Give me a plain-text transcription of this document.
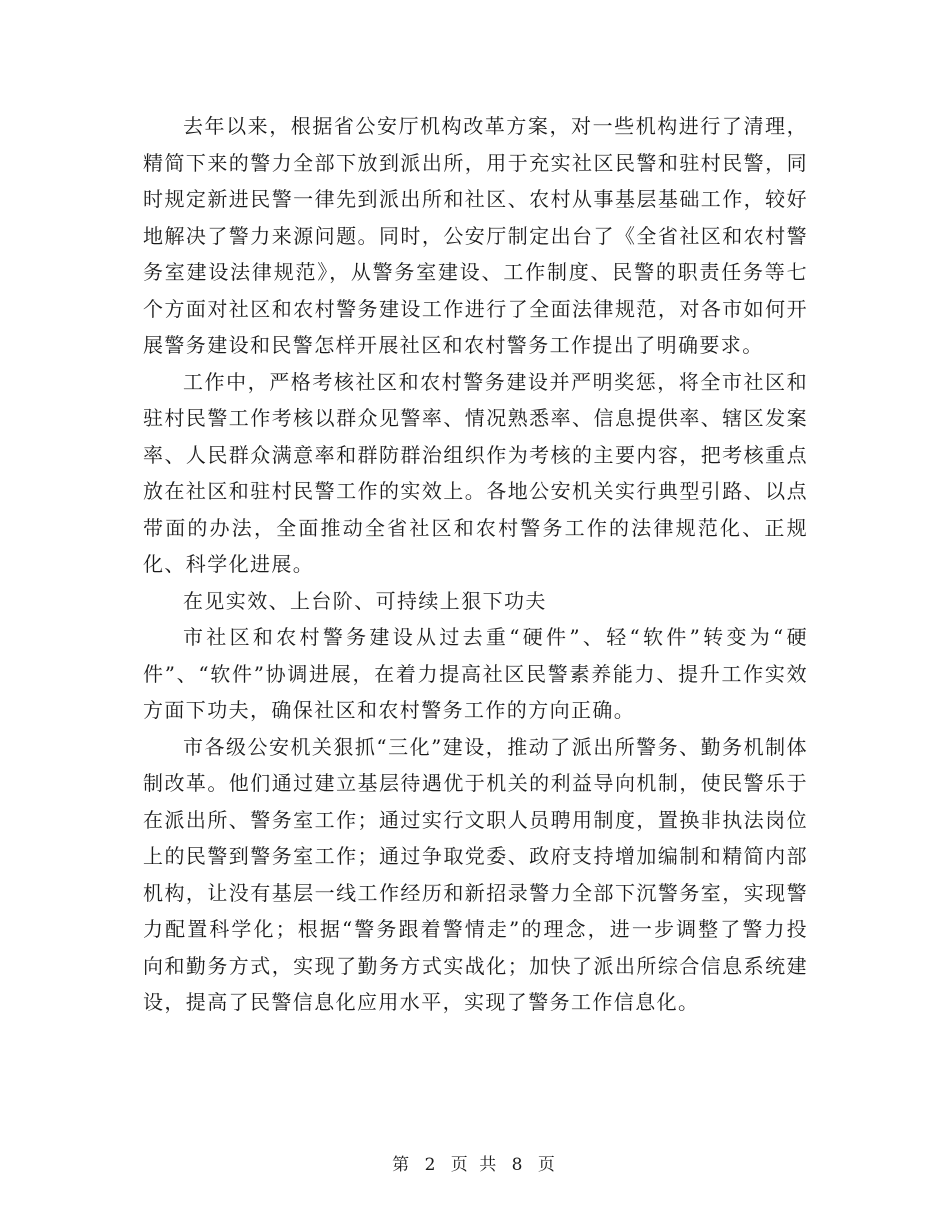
去年以来，根据省公安厅机构改革方案，对一些机构进行了清理，精简下来的警力全部下放到派出所，用于充实社区民警和驻村民警，同时规定新进民警一律先到派出所和社区、农村从事基层基础工作，较好地解决了警力来源问题。同时，公安厅制定出台了《全省社区和农村警务室建设法律规范》，从警务室建设、工作制度、民警的职责任务等七个方面对社区和农村警务建设工作进行了全面法律规范，对各市如何开展警务建设和民警怎样开展社区和农村警务工作提出了明确要求。

工作中，严格考核社区和农村警务建设并严明奖惩，将全市社区和驻村民警工作考核以群众见警率、情况熟悉率、信息提供率、辖区发案率、人民群众满意率和群防群治组织作为考核的主要内容，把考核重点放在社区和驻村民警工作的实效上。各地公安机关实行典型引路、以点带面的办法，全面推动全省社区和农村警务工作的法律规范化、正规化、科学化进展。

在见实效、上台阶、可持续上狠下功夫

市社区和农村警务建设从过去重“硬件”、轻“软件”转变为“硬件”、“软件”协调进展，在着力提高社区民警素养能力、提升工作实效方面下功夫，确保社区和农村警务工作的方向正确。

市各级公安机关狠抓“三化”建设，推动了派出所警务、勤务机制体制改革。他们通过建立基层待遇优于机关的利益导向机制，使民警乐于在派出所、警务室工作；通过实行文职人员聘用制度，置换非执法岗位上的民警到警务室工作；通过争取党委、政府支持增加编制和精简内部机构，让没有基层一线工作经历和新招录警力全部下沉警务室，实现警力配置科学化；根据“警务跟着警情走”的理念，进一步调整了警力投向和勤务方式，实现了勤务方式实战化；加快了派出所综合信息系统建设，提高了民警信息化应用水平，实现了警务工作信息化。

第 2 页 共 8 页
